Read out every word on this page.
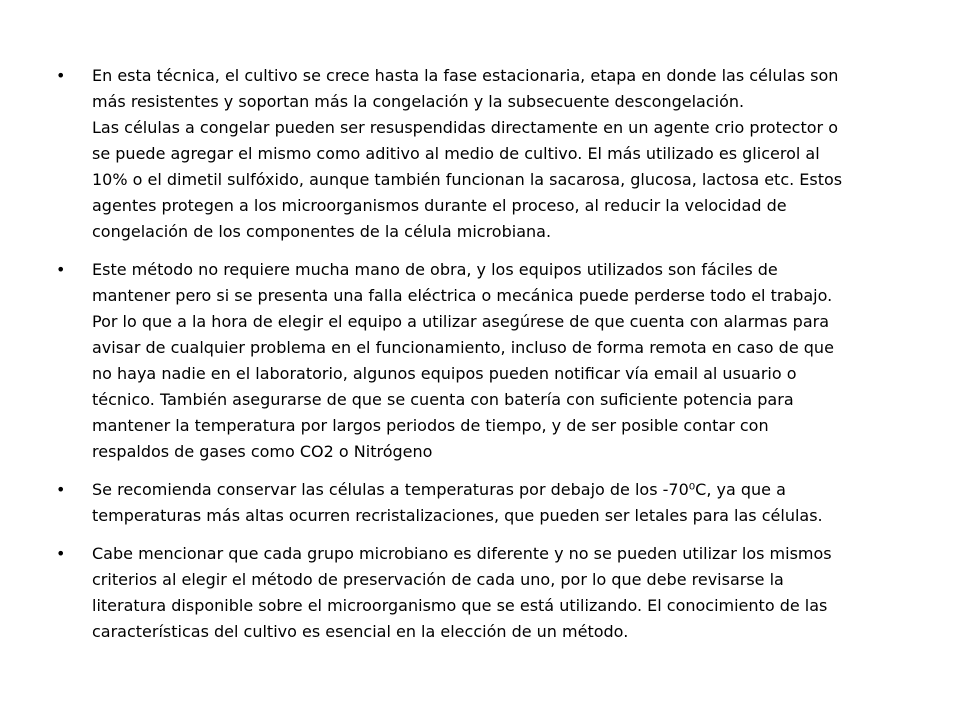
• En esta técnica, el cultivo se crece hasta la fase estacionaria, etapa en donde las células son
más resistentes y soportan más la congelación y la subsecuente descongelación.
Las células a congelar pueden ser resuspendidas directamente en un agente crio protector o
se puede agregar el mismo como aditivo al medio de cultivo. El más utilizado es glicerol al
10% o el dimetil sulfóxido, aunque también funcionan la sacarosa, glucosa, lactosa etc. Estos
agentes protegen a los microorganismos durante el proceso, al reducir la velocidad de
congelación de los componentes de la célula microbiana.
• Este método no requiere mucha mano de obra, y los equipos utilizados son fáciles de
mantener pero si se presenta una falla eléctrica o mecánica puede perderse todo el trabajo.
Por lo que a la hora de elegir el equipo a utilizar asegúrese de que cuenta con alarmas para
avisar de cualquier problema en el funcionamiento, incluso de forma remota en caso de que
no haya nadie en el laboratorio, algunos equipos pueden notificar vía email al usuario o
técnico. También asegurarse de que se cuenta con batería con suficiente potencia para
mantener la temperatura por largos periodos de tiempo, y de ser posible contar con
respaldos de gases como CO2 o Nitrógeno
• Se recomienda conservar las células a temperaturas por debajo de los -70⁰C, ya que a
temperaturas más altas ocurren recristalizaciones, que pueden ser letales para las células.
• Cabe mencionar que cada grupo microbiano es diferente y no se pueden utilizar los mismos
criterios al elegir el método de preservación de cada uno, por lo que debe revisarse la
literatura disponible sobre el microorganismo que se está utilizando. El conocimiento de las
características del cultivo es esencial en la elección de un método.
